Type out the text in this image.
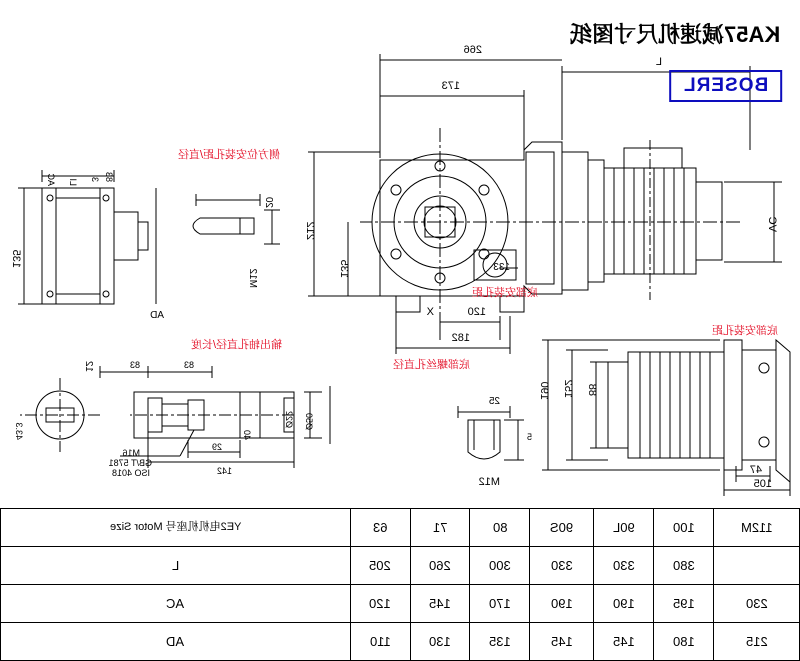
L
266
173
VC
212
135
120
182
133
X
M12
25
5
190 152 88
47
105
底部安装孔距
底部安装孔距
底部螺丝孔直径
侧方位安装孔距/直径
输出轴孔直径/长度
20
3 83
LI
AC
135
AD
M12
12	83
83
29
142
40
Ø22 Ø50
M16
GB/T 5781
ISO 4018
43.3
KA57减速机尺寸图纸
BOSERL
YE2电机机座号 Motor Size	63	71	80	90S	90L	100	112M
L	205	260	300	330	330	380	
AC	120	145	170	190	190	195	230
AD	110	130	135	145	145	180	215
